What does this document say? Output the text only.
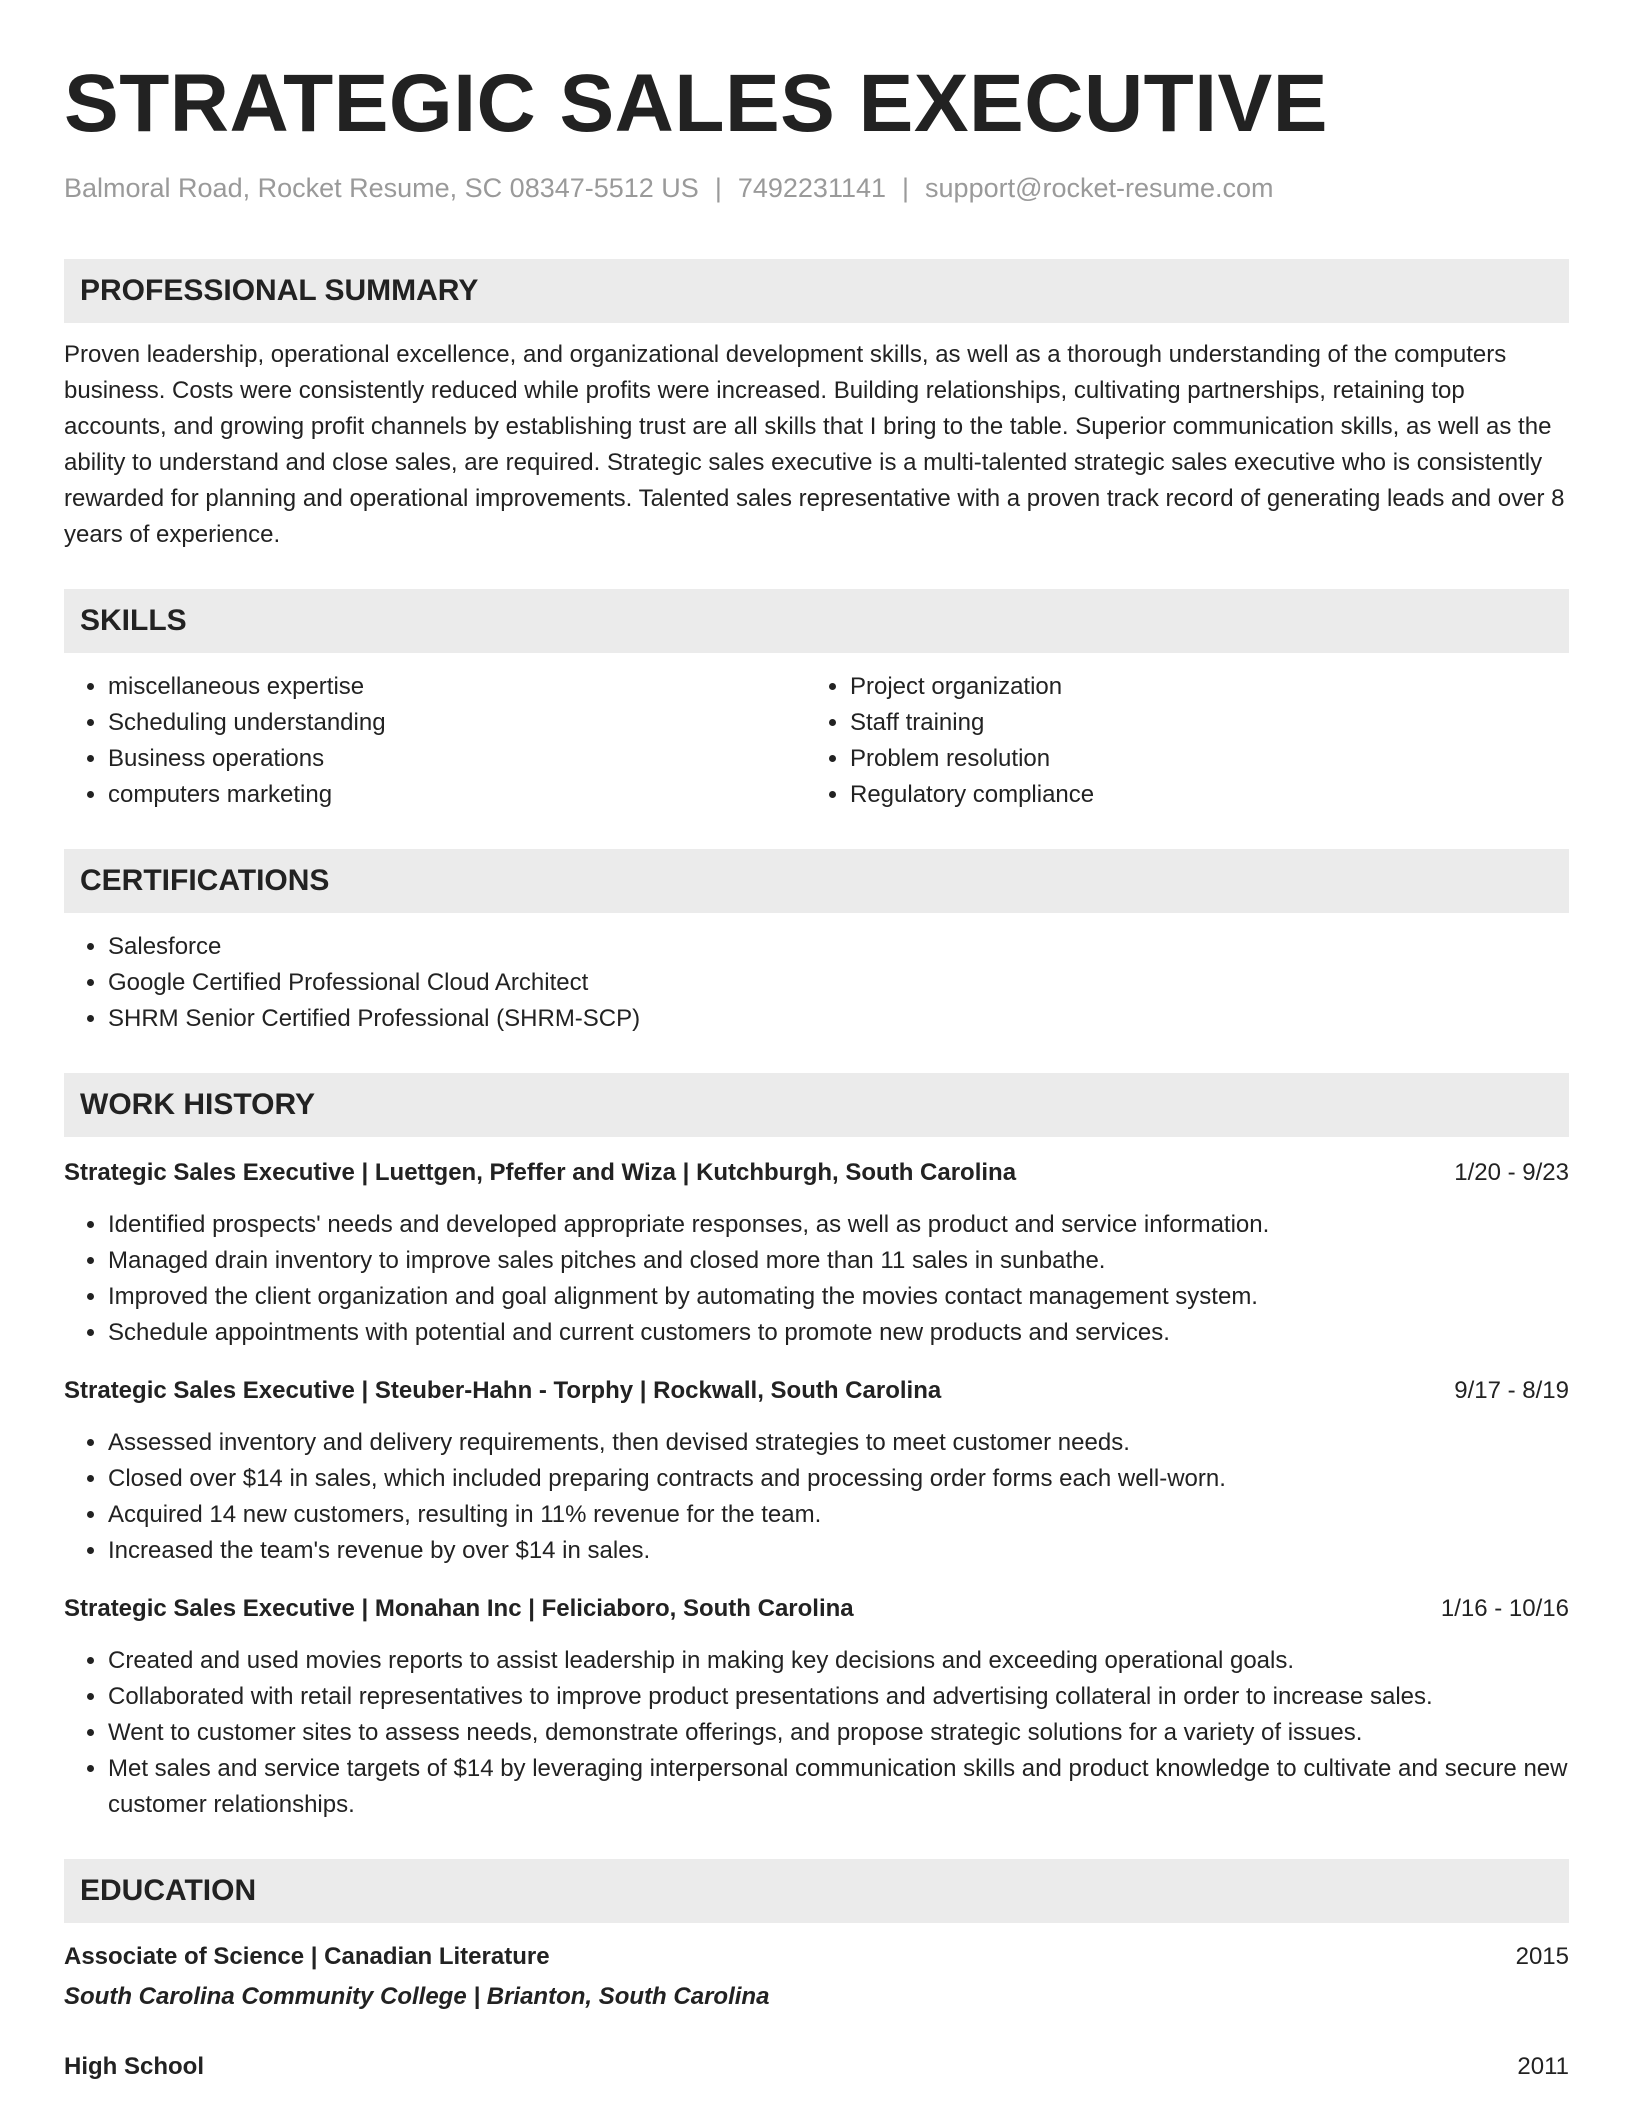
STRATEGIC SALES EXECUTIVE
Balmoral Road, Rocket Resume, SC 08347-5512 US | 7492231141 | support@rocket-resume.com
PROFESSIONAL SUMMARY
Proven leadership, operational excellence, and organizational development skills, as well as a thorough understanding of the computers business. Costs were consistently reduced while profits were increased. Building relationships, cultivating partnerships, retaining top accounts, and growing profit channels by establishing trust are all skills that I bring to the table. Superior communication skills, as well as the ability to understand and close sales, are required. Strategic sales executive is a multi-talented strategic sales executive who is consistently rewarded for planning and operational improvements. Talented sales representative with a proven track record of generating leads and over 8 years of experience.
SKILLS
• miscellaneous expertise
• Scheduling understanding
• Business operations
• computers marketing
• Project organization
• Staff training
• Problem resolution
• Regulatory compliance
CERTIFICATIONS
• Salesforce
• Google Certified Professional Cloud Architect
• SHRM Senior Certified Professional (SHRM-SCP)
WORK HISTORY
Strategic Sales Executive | Luettgen, Pfeffer and Wiza | Kutchburgh, South Carolina	1/20 - 9/23
• Identified prospects' needs and developed appropriate responses, as well as product and service information.
• Managed drain inventory to improve sales pitches and closed more than 11 sales in sunbathe.
• Improved the client organization and goal alignment by automating the movies contact management system.
• Schedule appointments with potential and current customers to promote new products and services.
Strategic Sales Executive | Steuber-Hahn - Torphy | Rockwall, South Carolina	9/17 - 8/19
• Assessed inventory and delivery requirements, then devised strategies to meet customer needs.
• Closed over $14 in sales, which included preparing contracts and processing order forms each well-worn.
• Acquired 14 new customers, resulting in 11% revenue for the team.
• Increased the team's revenue by over $14 in sales.
Strategic Sales Executive | Monahan Inc | Feliciaboro, South Carolina	1/16 - 10/16
• Created and used movies reports to assist leadership in making key decisions and exceeding operational goals.
• Collaborated with retail representatives to improve product presentations and advertising collateral in order to increase sales.
• Went to customer sites to assess needs, demonstrate offerings, and propose strategic solutions for a variety of issues.
• Met sales and service targets of $14 by leveraging interpersonal communication skills and product knowledge to cultivate and secure new customer relationships.
EDUCATION
Associate of Science | Canadian Literature	2015
South Carolina Community College | Brianton, South Carolina
High School	2011
